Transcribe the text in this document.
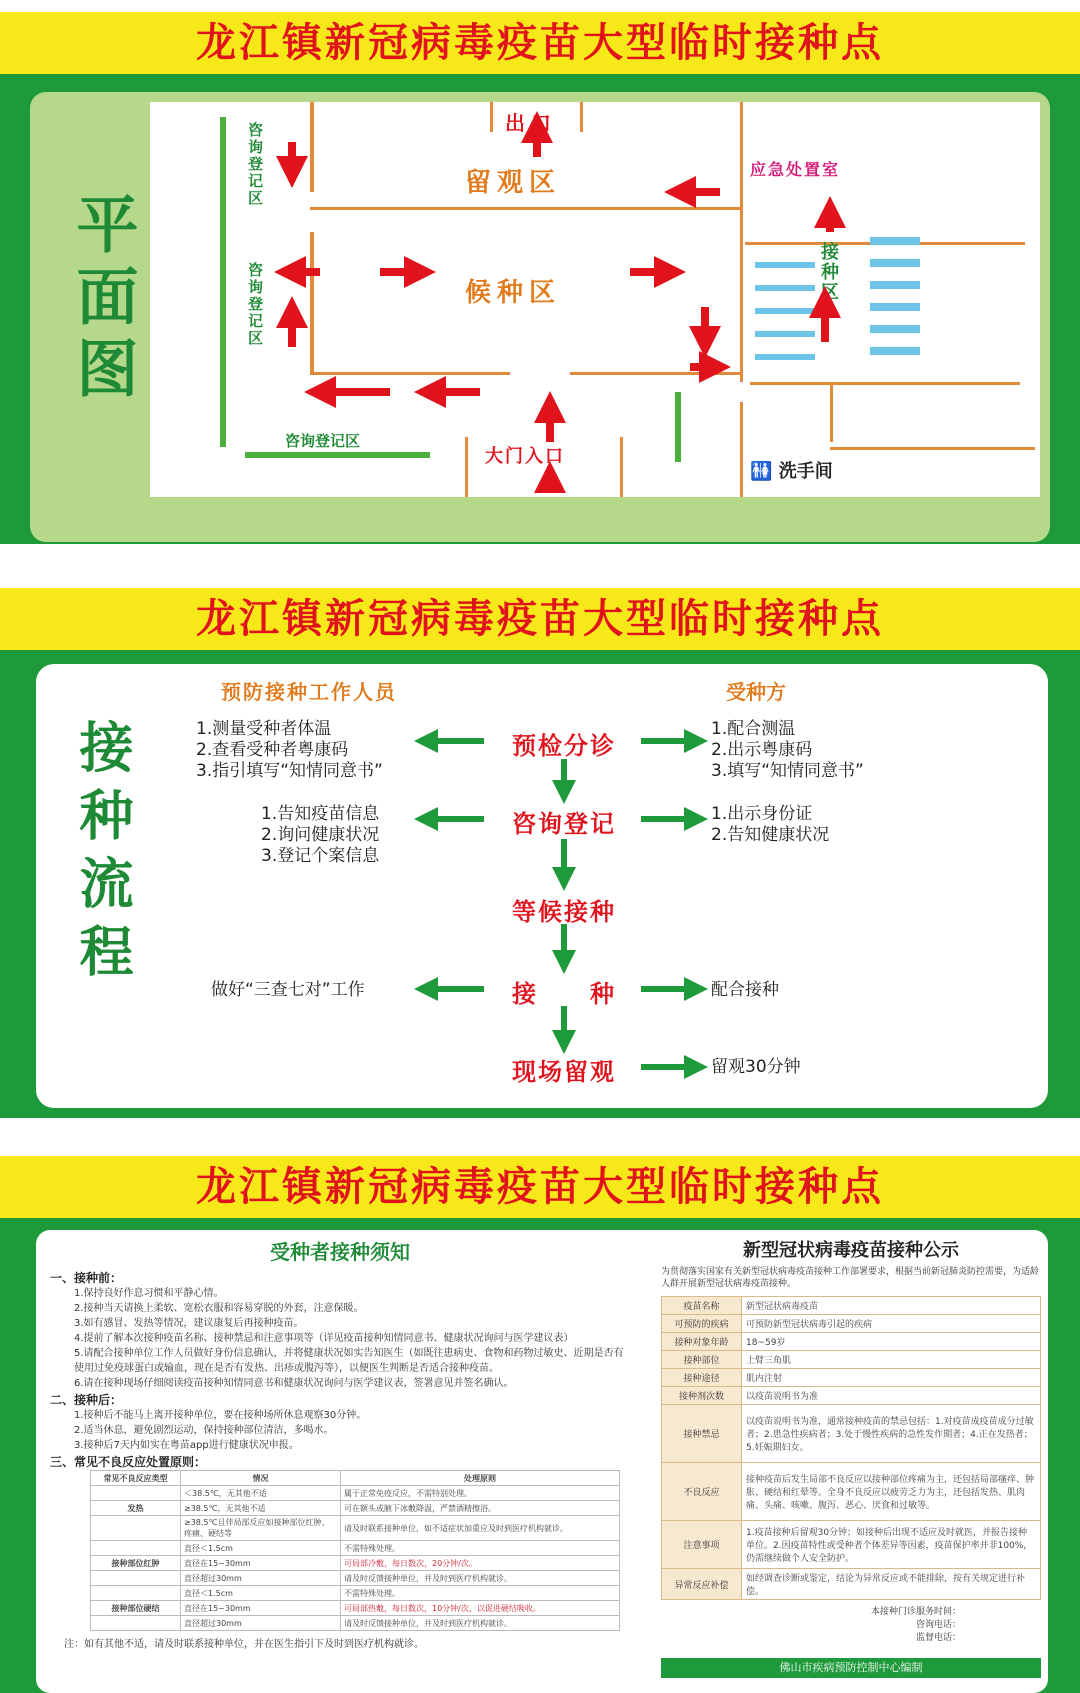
龙江镇新冠病毒疫苗大型临时接种点
平面图
出口
留观区
候种区
应急处置室
接种区
大门入口
🚻 洗手间
咨询登记区
咨询登记区
咨询登记区
龙江镇新冠病毒疫苗大型临时接种点
接种流程
预防接种工作人员	受种方
1.测量受种者体温
2.查看受种者粤康码
3.指引填写“知情同意书”
预检分诊
1.配合测温
2.出示粤康码
3.填写“知情同意书”
1.告知疫苗信息
2.询问健康状况
3.登记个案信息
咨询登记	1.出示身份证
2.告知健康状况
等候接种
做好“三查七对”工作	接　　种	配合接种
现场留观	留观30分钟
龙江镇新冠病毒疫苗大型临时接种点
受种者接种须知
一、接种前：
1.保持良好作息习惯和平静心情。
2.接种当天请换上柔软、宽松衣服和容易穿脱的外套，注意保暖。
3.如有感冒、发热等情况，建议康复后再接种疫苗。
4.提前了解本次接种疫苗名称、接种禁忌和注意事项等（详见疫苗接种知情同意书、健康状况询问与医学建议表）
5.请配合接种单位工作人员做好身份信息确认，并将健康状况如实告知医生（如既往患病史、食物和药物过敏史、近期是否有使用过免疫球蛋白或输血，现在是否有发热、出疹或腹泻等），以便医生判断是否适合接种疫苗。
6.请在接种现场仔细阅读疫苗接种知情同意书和健康状况询问与医学建议表，签署意见并签名确认。
二、接种后：
1.接种后不能马上离开接种单位，要在接种场所休息观察30分钟。
2.适当休息，避免剧烈运动，保持接种部位清洁，多喝水。
3.接种后7天内如实在粤苗app进行健康状况申报。
三、常见不良反应处置原则：
常见不良反应类型	情况	处理原则
	＜38.5℃，无其他不适	属于正常免疫反应，不需特别处理。
发热	≥38.5℃，无其他不适	可在额头或腋下冰敷降温，严禁酒精擦浴。
	≥38.5℃且伴局部反应如接种部位红肿、疼痛、硬结等	请及时联系接种单位，如不适症状加重应及时到医疗机构就诊。
	直径＜1.5cm	不需特殊处理。
接种部位红肿	直径在15~30mm	可局部冷敷，每日数次，20分钟/次。
	直径超过30mm	请及时反馈接种单位，并及时到医疗机构就诊。
	直径＜1.5cm	不需特殊处理。
接种部位硬结	直径在15~30mm	可局部热敷，每日数次，10分钟/次，以促进硬结吸收。
	直径超过30mm	请及时反馈接种单位，并及时到医疗机构就诊。
注：如有其他不适，请及时联系接种单位，并在医生指引下及时到医疗机构就诊。
新型冠状病毒疫苗接种公示
为贯彻落实国家有关新型冠状病毒疫苗接种工作部署要求，根据当前新冠肺炎防控需要，为适龄人群开展新型冠状病毒疫苗接种。
疫苗名称	新型冠状病毒疫苗
可预防的疾病	可预防新型冠状病毒引起的疾病
接种对象年龄	18~59岁
接种部位	上臂三角肌
接种途径	肌内注射
接种剂次数	以疫苗说明书为准
接种禁忌	以疫苗说明书为准，通常接种疫苗的禁忌包括：1.对疫苗成疫苗成分过敏者；2.患急性疾病者；3.处于慢性疾病的急性发作期者；4.正在发热者；5.妊娠期妇女。
不良反应	接种疫苗后发生局部不良反应以接种部位疼痛为主，还包括局部瘙痒、肿胀、硬结和红晕等。全身不良反应以疲劳乏力为主，还包括发热、肌肉痛、头痛、咳嗽、腹泻、恶心、厌食和过敏等。
注意事项	1.疫苗接种后留观30分钟；如接种后出现不适应及时就医，并报告接种单位。2.因疫苗特性或受种者个体差异等因素，疫苗保护率并非100%，仍需继续做个人安全防护。
异常反应补偿	如经调查诊断或鉴定，结论为异常反应或不能排除，按有关规定进行补偿。
本接种门诊服务时间：
咨询电话：
监督电话：
佛山市疾病预防控制中心编制
